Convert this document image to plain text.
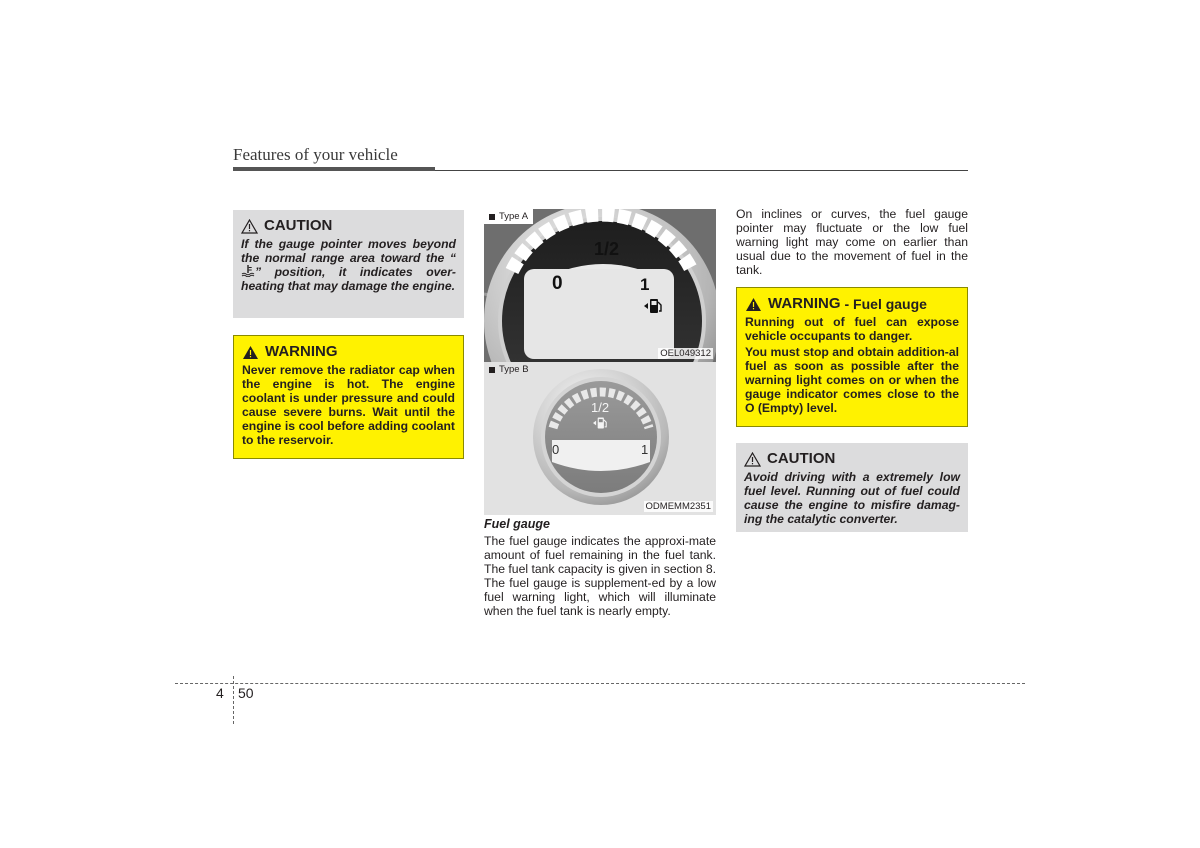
Features of your vehicle
CAUTION
If the gauge pointer moves beyond the normal range area toward the “” position, it indicates over-heating that may damage the engine.
WARNING
Never remove the radiator cap when the engine is hot. The engine coolant is under pressure and could cause severe burns. Wait until the engine is cool before adding coolant to the reservoir.
Type A
0
1/2
1
OEL049312
Type B
1/2
0	1
ODMEMM2351
Fuel gauge
The fuel gauge indicates the approxi-mate amount of fuel remaining in the fuel tank. The fuel tank capacity is given in section 8. The fuel gauge is supplement-ed by a low fuel warning light, which will illuminate when the fuel tank is nearly empty.
On inclines or curves, the fuel gauge pointer may fluctuate or the low fuel warning light may come on earlier than usual due to the movement of fuel in the tank.
WARNING - Fuel gauge

Running out of fuel can expose vehicle occupants to danger.

You must stop and obtain addition-al fuel as soon as possible after the warning light comes on or when the gauge indicator comes close to the O (Empty) level.

CAUTION
Avoid driving with a extremely low fuel level. Running out of fuel could cause the engine to misfire damag-ing the catalytic converter.
4 50
